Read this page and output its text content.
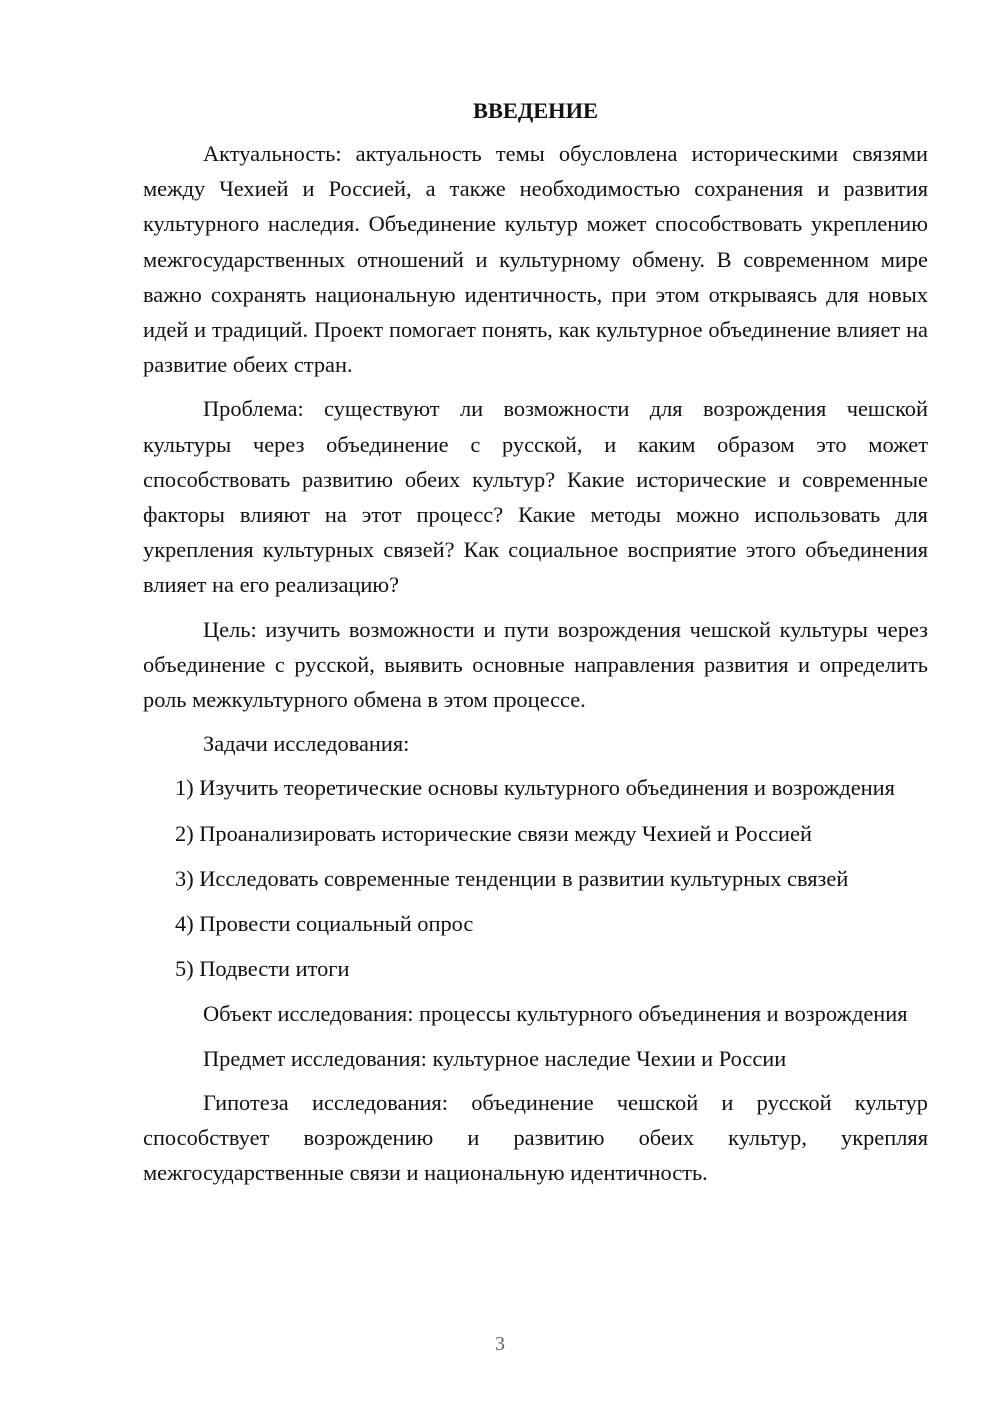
ВВЕДЕНИЕ

Актуальность: актуальность темы обусловлена историческими связями между Чехией и Россией, а также необходимостью сохранения и развития культурного наследия. Объединение культур может способствовать укреплению межгосударственных отношений и культурному обмену. В современном мире важно сохранять национальную идентичность, при этом открываясь для новых идей и традиций. Проект помогает понять, как культурное объединение влияет на развитие обеих стран.

Проблема: существуют ли возможности для возрождения чешской культуры через объединение с русской, и каким образом это может способствовать развитию обеих культур? Какие исторические и современные факторы влияют на этот процесс? Какие методы можно использовать для укрепления культурных связей? Как социальное восприятие этого объединения влияет на его реализацию?

Цель: изучить возможности и пути возрождения чешской культуры через объединение с русской, выявить основные направления развития и определить роль межкультурного обмена в этом процессе.

Задачи исследования:

1) Изучить теоретические основы культурного объединения и возрождения
2) Проанализировать исторические связи между Чехией и Россией
3) Исследовать современные тенденции в развитии культурных связей
4) Провести социальный опрос
5) Подвести итоги

Объект исследования: процессы культурного объединения и возрождения

Предмет исследования: культурное наследие Чехии и России

Гипотеза исследования: объединение чешской и русской культур способствует возрождению и развитию обеих культур, укрепляя межгосударственные связи и национальную идентичность.

3
